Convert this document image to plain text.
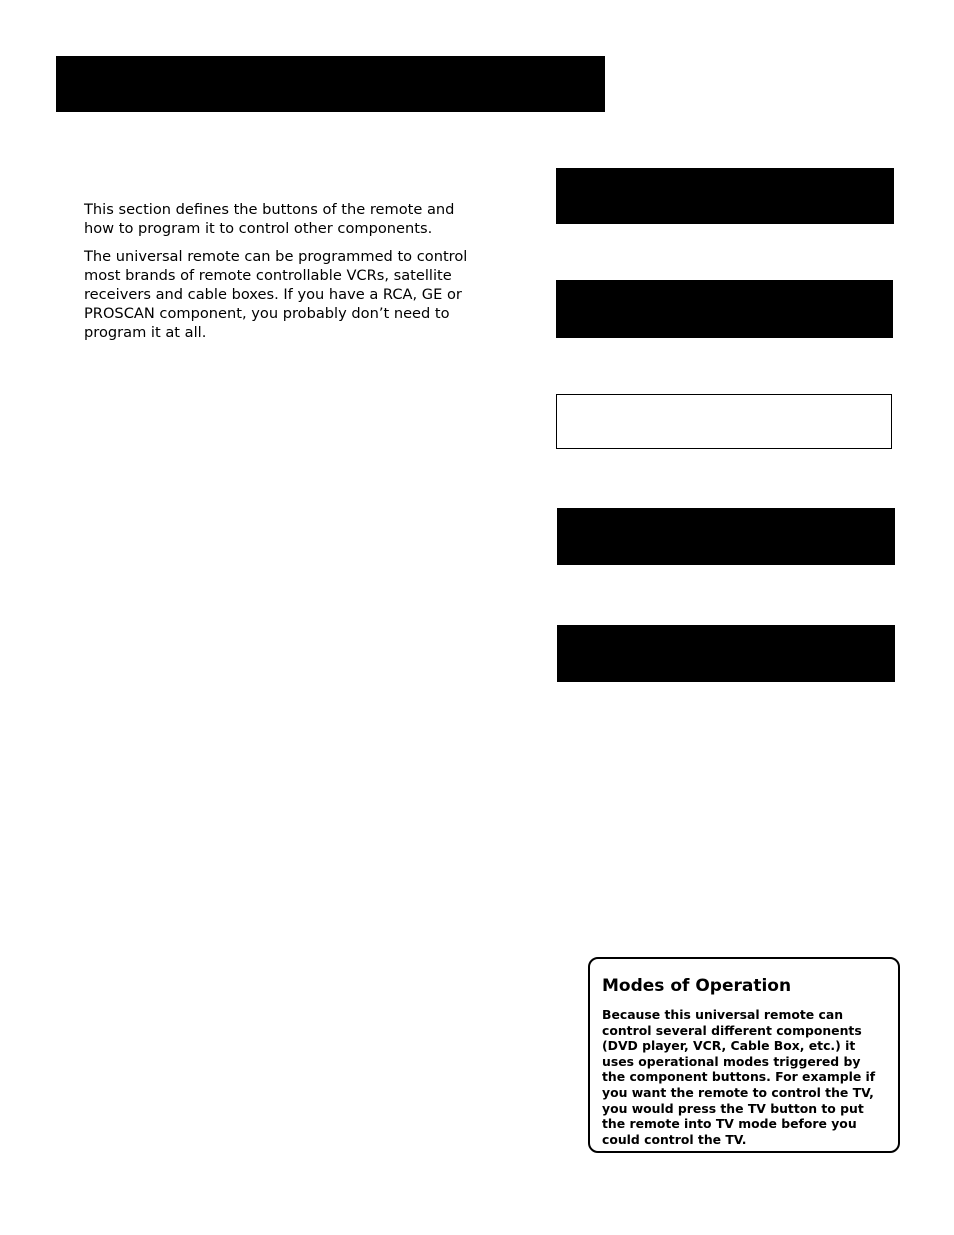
This section defines the buttons of the remote and how to program it to control other components.

The universal remote can be programmed to control most brands of remote controllable VCRs, satellite receivers and cable boxes. If you have a RCA, GE or PROSCAN component, you probably don’t need to program it at all.

Modes of Operation

Because this universal remote can control several different components (DVD player, VCR, Cable Box, etc.) it uses operational modes triggered by the component buttons. For example if you want the remote to control the TV, you would press the TV button to put the remote into TV mode before you could control the TV.
